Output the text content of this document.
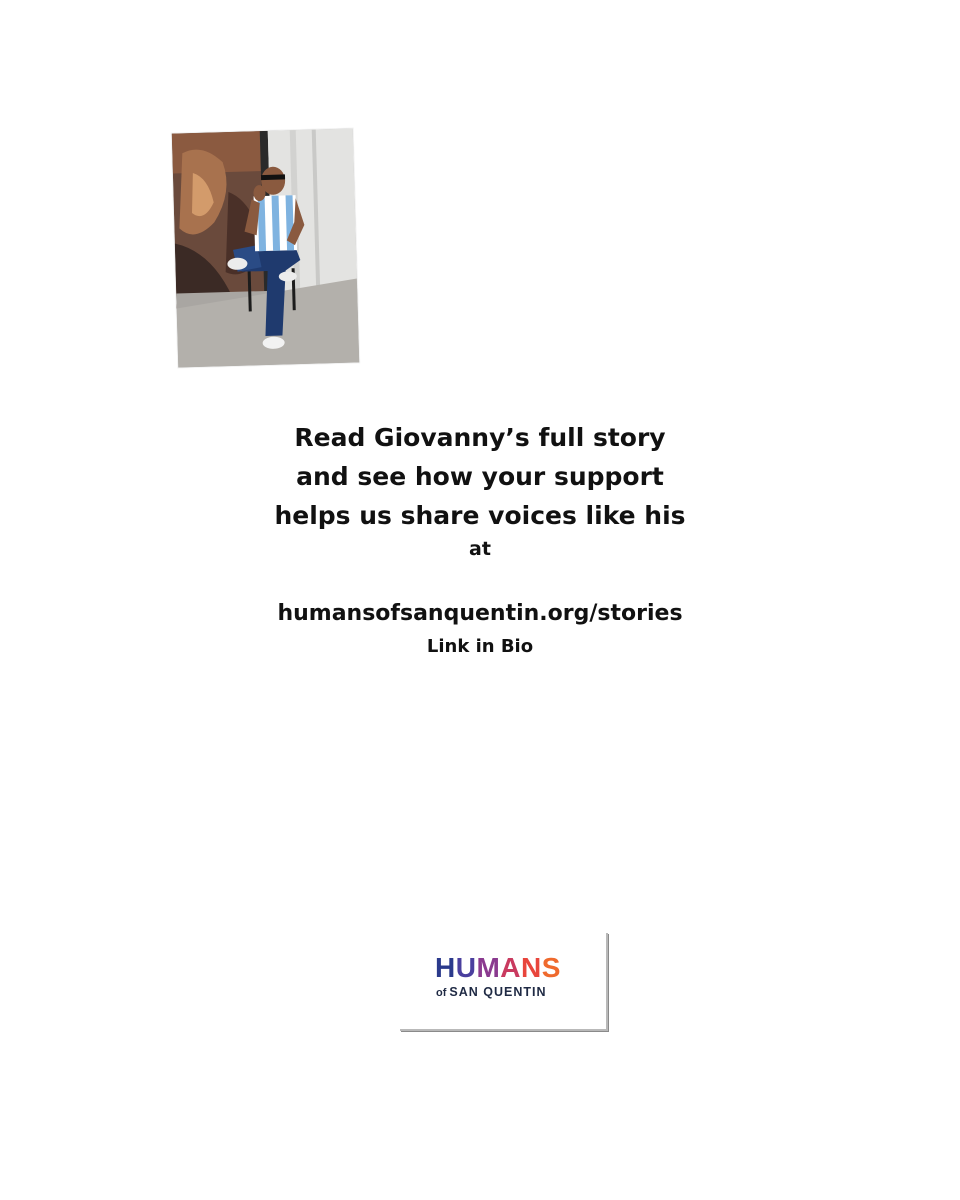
Read Giovanny’s full story
and see how your support
helps us share voices like his
at
humansofsanquentin.org/stories
Link in Bio
HUMANS
of SAN QUENTIN
